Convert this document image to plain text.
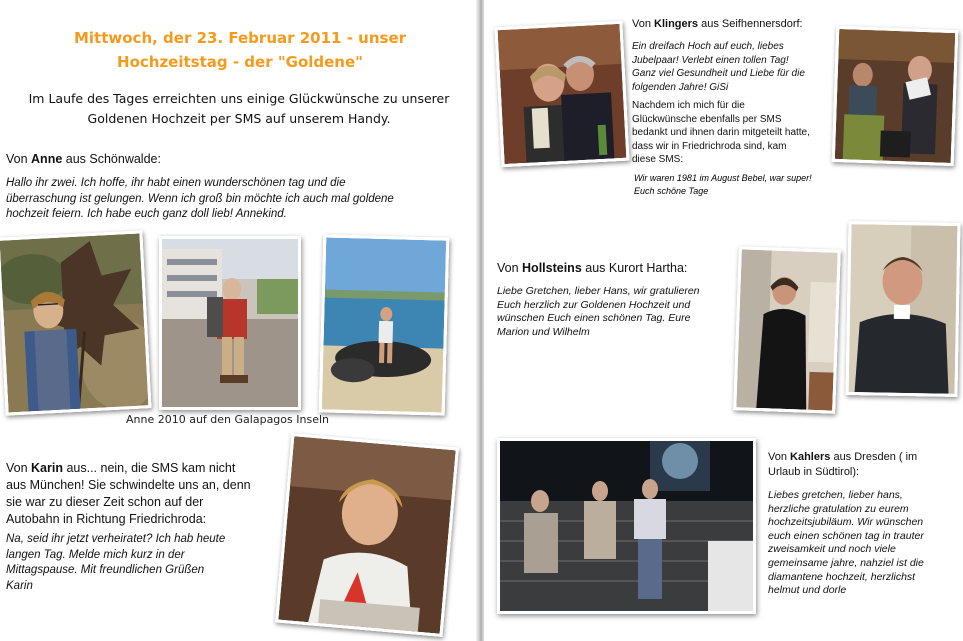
Mittwoch, der 23. Februar 2011 - unser
Hochzeitstag - der "Goldene"
Im Laufe des Tages erreichten uns einige Glückwünsche zu unserer
Goldenen Hochzeit per SMS auf unserem Handy.
Von Anne aus Schönwalde:
Hallo ihr zwei. Ich hoffe, ihr habt einen wunderschönen tag und die
überraschung ist gelungen. Wenn ich groß bin möchte ich auch mal goldene
hochzeit feiern. Ich habe euch ganz doll lieb! Annekind.
Anne 2010 auf den Galapagos Inseln
Von Karin aus... nein, die SMS kam nicht
aus München! Sie schwindelte uns an, denn
sie war zu dieser Zeit schon auf der
Autobahn in Richtung Friedrichroda:
Na, seid ihr jetzt verheiratet? Ich hab heute
langen Tag. Melde mich kurz in der
Mittagspause. Mit freundlichen Grüßen
Karin
Von Klingers aus Seifhennersdorf:
Ein dreifach Hoch auf euch, liebes
Jubelpaar! Verlebt einen tollen Tag!
Ganz viel Gesundheit und Liebe für die
folgenden Jahre! GiSi
Nachdem ich mich für die
Glückwünsche ebenfalls per SMS
bedankt und ihnen darin mitgeteilt hatte,
dass wir in Friedrichroda sind, kam
diese SMS:
Wir waren 1981 im August Bebel, war super!
Euch schöne Tage
Von Hollsteins aus Kurort Hartha:
Liebe Gretchen, lieber Hans, wir gratulieren
Euch herzlich zur Goldenen Hochzeit und
wünschen Euch einen schönen Tag. Eure
Marion und Wilhelm
Von Kahlers aus Dresden ( im
Urlaub in Südtirol):
Liebes gretchen, lieber hans,
herzliche gratulation zu eurem
hochzeitsjubiläum. Wir wünschen
euch einen schönen tag in trauter
zweisamkeit und noch viele
gemeinsame jahre, nahziel ist die
diamantene hochzeit, herzlichst
helmut und dorle
